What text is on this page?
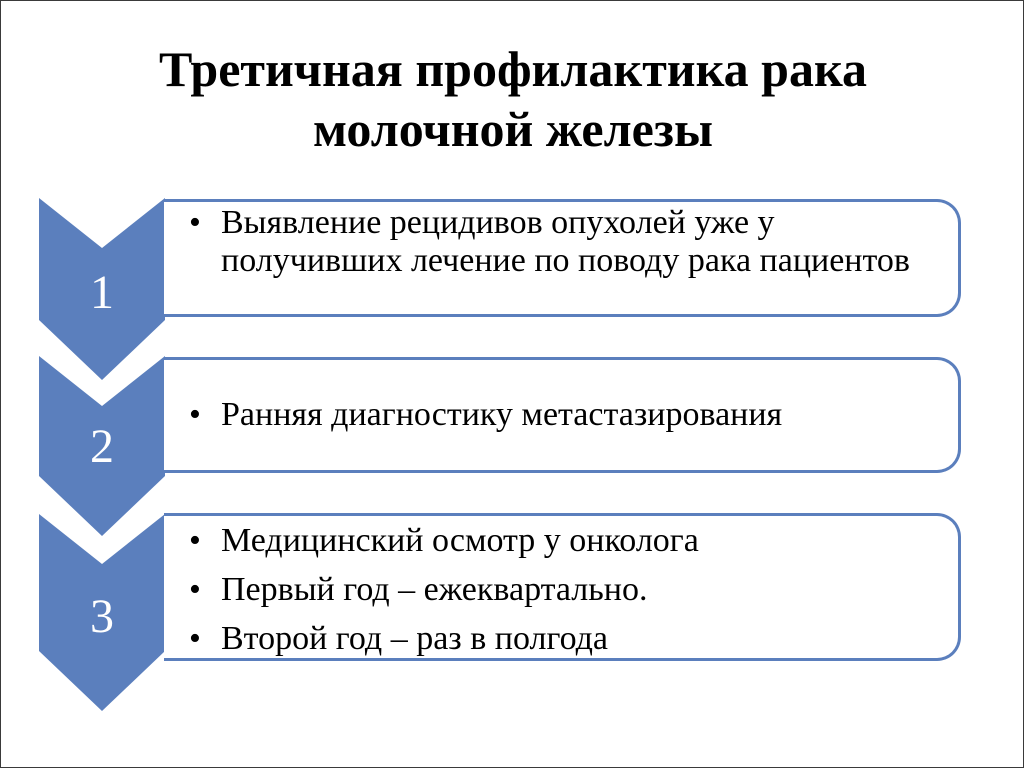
Третичная профилактика рака
молочной железы
1
• Выявление рецидивов опухолей уже у получивших лечение по поводу рака пациентов
2
• Ранняя диагностику метастазирования
3
• Медицинский осмотр у онколога
• Первый год – ежеквартально.
• Второй год – раз в полгода
